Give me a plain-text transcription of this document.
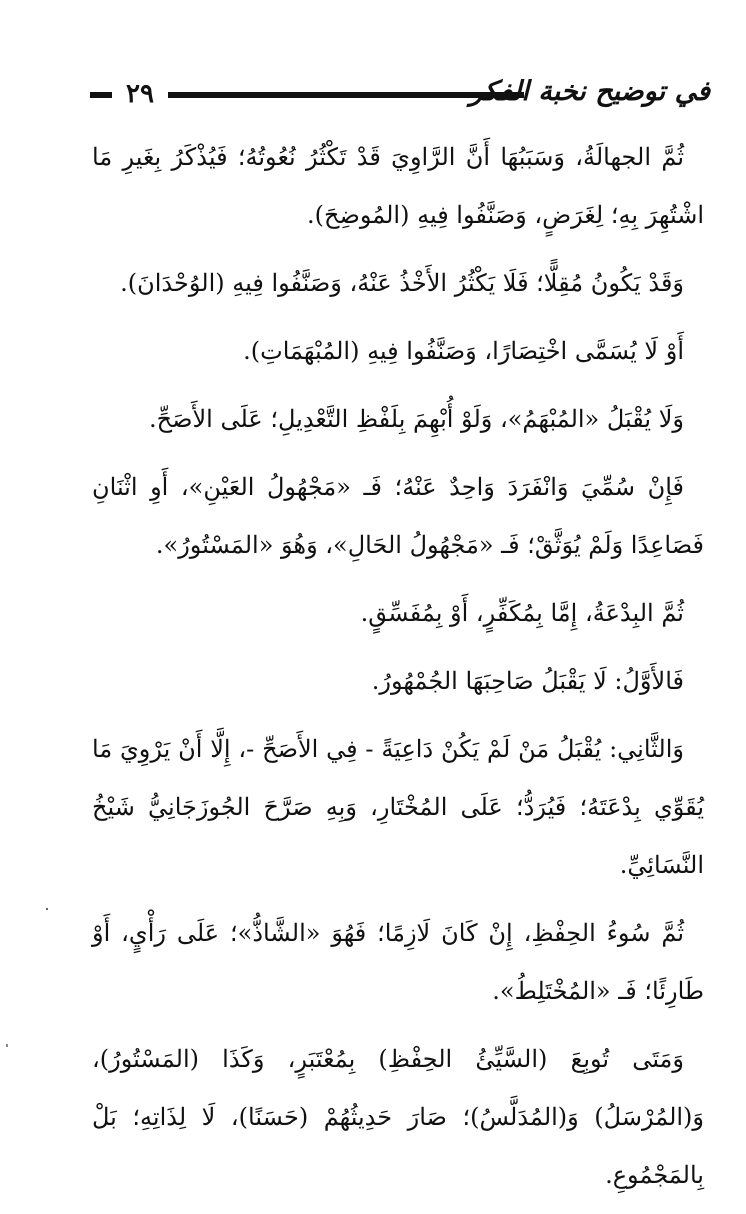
٢٩	في توضيح نخبة الفكر

ثُمَّ الجهالَةُ، وَسَبَبُهَا أَنَّ الرَّاوِيَ قَدْ تَكْثُرُ نُعُوتُهُ؛ فَيُذْكَرُ بِغَيرِ مَا اشْتُهِرَ بِهِ؛ لِغَرَضٍ، وَصَنَّفُوا فِيهِ (المُوضِحَ).

وَقَدْ يَكُونُ مُقِلًّا؛ فَلَا يَكْثُرُ الأَخْذُ عَنْهُ، وَصَنَّفُوا فِيهِ (الوُحْدَانَ).

أَوْ لَا يُسَمَّى اخْتِصَارًا، وَصَنَّفُوا فِيهِ (المُبْهَمَاتِ).

وَلَا يُقْبَلُ «المُبْهَمُ»، وَلَوْ أُبْهِمَ بِلَفْظِ التَّعْدِيلِ؛ عَلَى الأَصَحِّ.

فَإِنْ سُمِّيَ وَانْفَرَدَ وَاحِدٌ عَنْهُ؛ فَـ «مَجْهُولُ العَيْنِ»، أَوِ اثْنَانِ فَصَاعِدًا وَلَمْ يُوَثَّقْ؛ فَـ «مَجْهُولُ الحَالِ»، وَهُوَ «المَسْتُورُ».

ثُمَّ البِدْعَةُ، إِمَّا بِمُكَفِّرٍ، أَوْ بِمُفَسِّقٍ.

فَالأَوَّلُ: لَا يَقْبَلُ صَاحِبَهَا الجُمْهُورُ.

وَالثَّانِي: يُقْبَلُ مَنْ لَمْ يَكُنْ دَاعِيَةً - فِي الأَصَحِّ -، إِلَّا أَنْ يَرْوِيَ مَا يُقَوِّي بِدْعَتَهُ؛ فَيُرَدُّ؛ عَلَى المُخْتَارِ، وَبِهِ صَرَّحَ الجُوزَجَانِيُّ شَيْخُ النَّسَائِيِّ.

ثُمَّ سُوءُ الحِفْظِ، إِنْ كَانَ لَازِمًا؛ فَهُوَ «الشَّاذُّ»؛ عَلَى رَأْيٍ، أَوْ طَارِئًا؛ فَـ «المُخْتَلِطُ».

وَمَتَى تُوبِعَ (السَّيِّئُ الحِفْظِ) بِمُعْتَبَرٍ، وَكَذَا (المَسْتُورُ)، وَ(المُرْسَلُ) وَ(المُدَلَّسُ)؛ صَارَ حَدِيثُهُمْ (حَسَنًا)، لَا لِذَاتِهِ؛ بَلْ بِالمَجْمُوعِ.
